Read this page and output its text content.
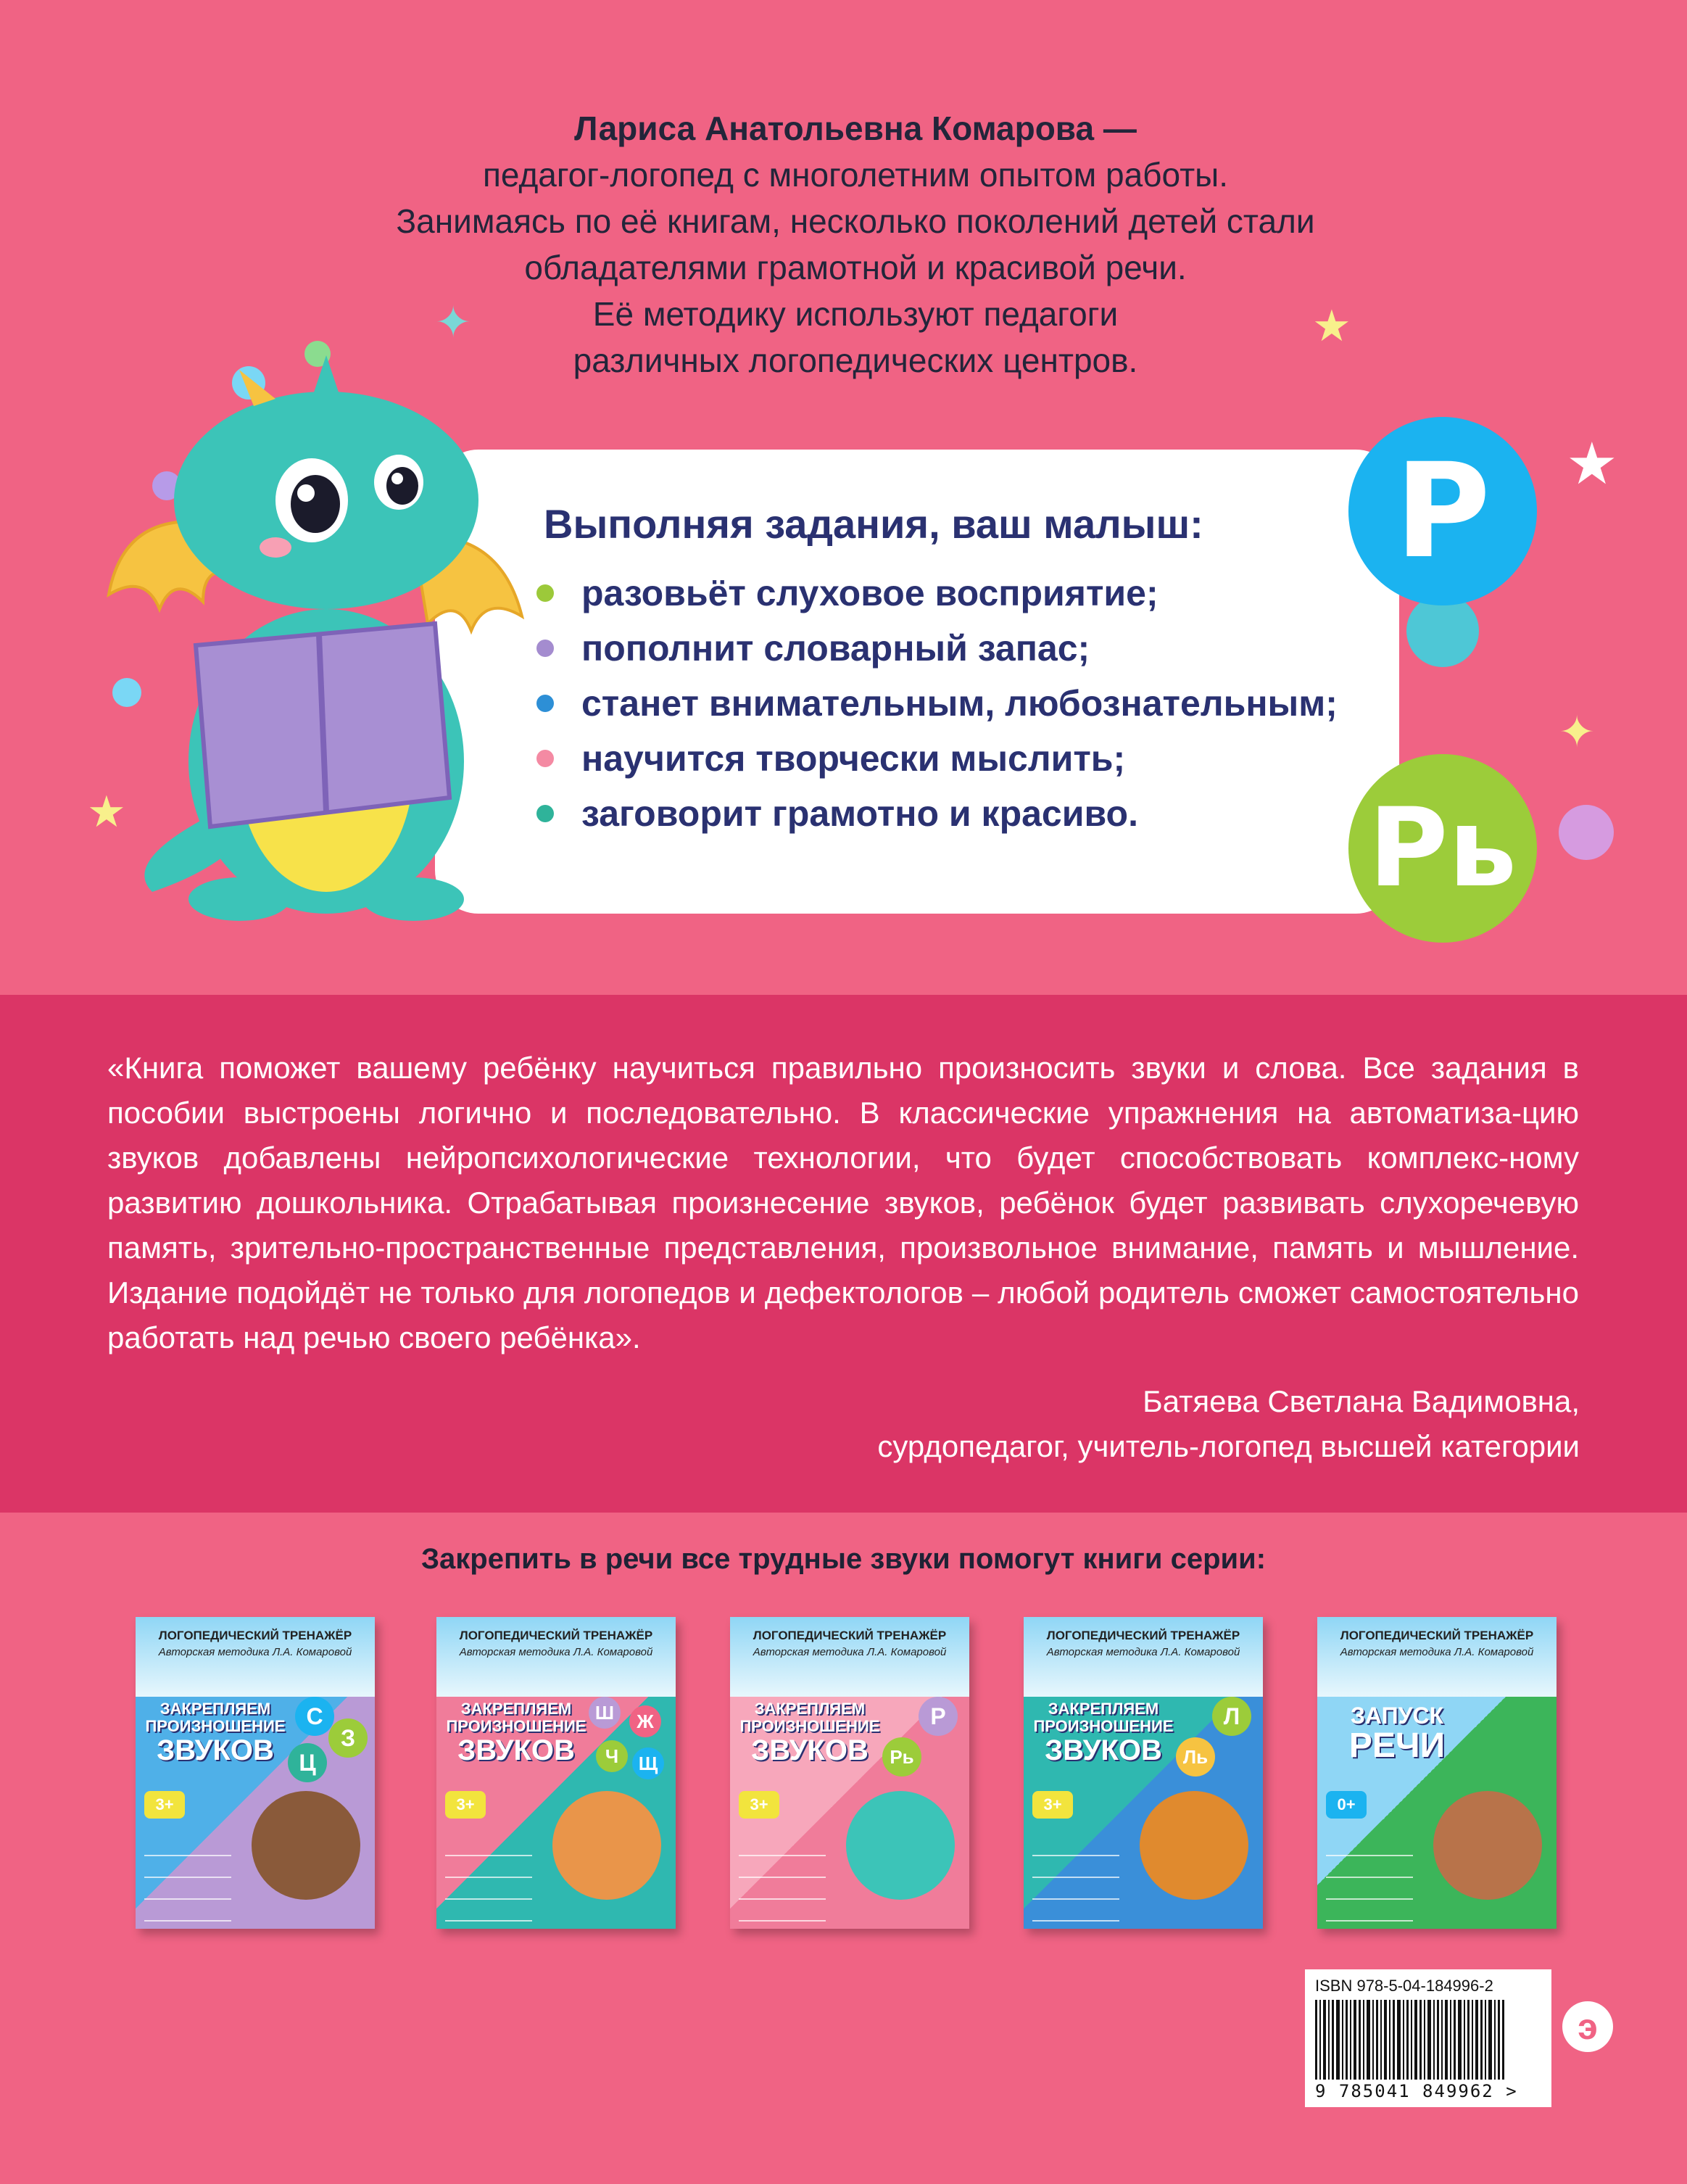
✦	★
★
✦
★
Лариса Анатольевна Комарова —
педагог-логопед с многолетним опытом работы.
Занимаясь по её книгам, несколько поколений детей стали
обладателями грамотной и красивой речи.
Её методику используют педагоги
различных логопедических центров.
Выполняя задания, ваш малыш:
разовьёт слуховое восприятие;
пополнит словарный запас;
станет внимательным, любознательным;
научится творчески мыслить;
заговорит грамотно и красиво.
Р
Рь

«Книга поможет вашему ребёнку научиться правильно произносить звуки и слова. Все задания в пособии выстроены логично и последовательно. В классические упражнения на автоматиза-цию звуков добавлены нейропсихологические технологии, что будет способствовать комплекс-ному развитию дошкольника. Отрабатывая произнесение звуков, ребёнок будет развивать слухоречевую память, зрительно-пространственные представления, произвольное внимание, память и мышление. Издание подойдёт не только для логопедов и дефектологов – любой родитель сможет самостоятельно работать над речью своего ребёнка».

Батяева Светлана Вадимовна,
сурдопедагог, учитель-логопед высшей категории
Закрепить в речи все трудные звуки помогут книги серии:
ЛОГОПЕДИЧЕСКИЙ ТРЕНАЖЁР
Авторская методика Л.А. Комаровой
ЗАКРЕПЛЯЕМ ПРОИЗНОШЕНИЕ
ЗВУКОВ
С
З
Ц
3+
ЛОГОПЕДИЧЕСКИЙ ТРЕНАЖЁР
Авторская методика Л.А. Комаровой
ЗАКРЕПЛЯЕМ ПРОИЗНОШЕНИЕ
ЗВУКОВ
Ш	Ж
Ч	Щ
3+
ЛОГОПЕДИЧЕСКИЙ ТРЕНАЖЁР
Авторская методика Л.А. Комаровой
ЗАКРЕПЛЯЕМ ПРОИЗНОШЕНИЕ
ЗВУКОВ
Р
Рь
3+
ЛОГОПЕДИЧЕСКИЙ ТРЕНАЖЁР
Авторская методика Л.А. Комаровой
ЗАКРЕПЛЯЕМ ПРОИЗНОШЕНИЕ
ЗВУКОВ
Л
Ль
3+
ЛОГОПЕДИЧЕСКИЙ ТРЕНАЖЁР
Авторская методика Л.А. Комаровой
ЗАПУСК
РЕЧИ
0+
ISBN 978-5-04-184996-2
9 785041 849962 >
э
